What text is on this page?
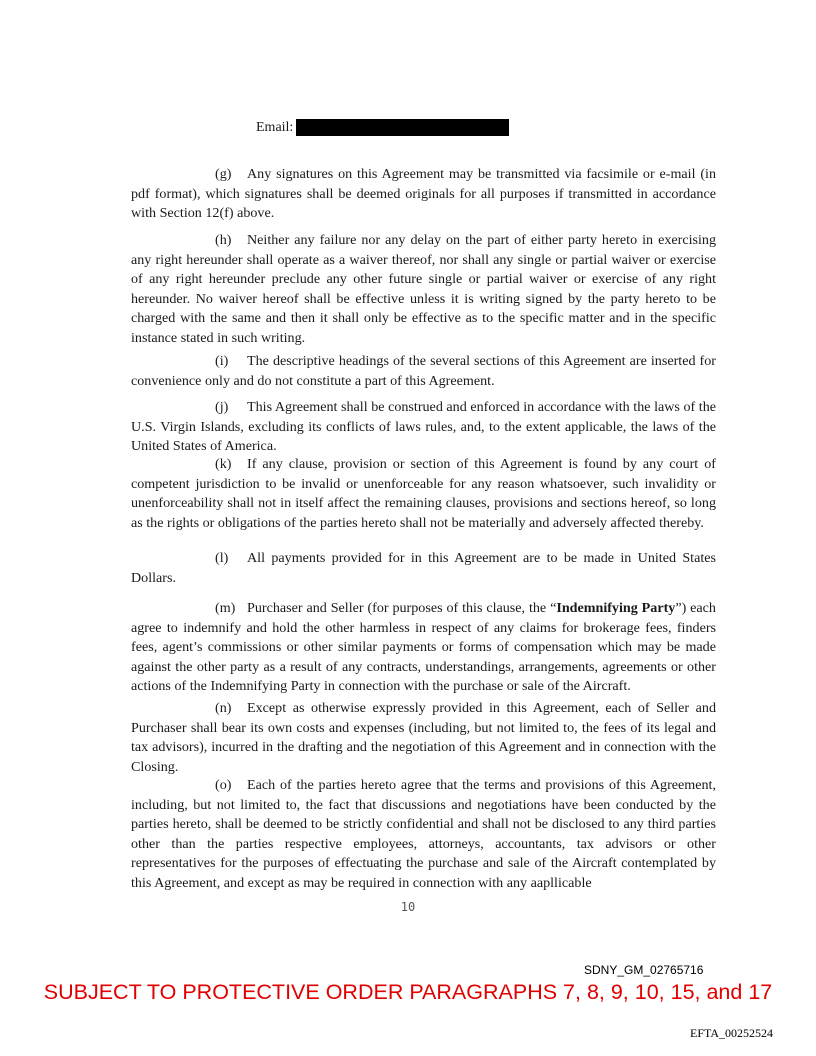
Email:

(g) Any signatures on this Agreement may be transmitted via facsimile or e-mail (in pdf format), which signatures shall be deemed originals for all purposes if transmitted in accordance with Section 12(f) above.

(h) Neither any failure nor any delay on the part of either party hereto in exercising any right hereunder shall operate as a waiver thereof, nor shall any single or partial waiver or exercise of any right hereunder preclude any other future single or partial waiver or exercise of any right hereunder. No waiver hereof shall be effective unless it is writing signed by the party hereto to be charged with the same and then it shall only be effective as to the specific matter and in the specific instance stated in such writing.

(i) The descriptive headings of the several sections of this Agreement are inserted for convenience only and do not constitute a part of this Agreement.

(j) This Agreement shall be construed and enforced in accordance with the laws of the U.S. Virgin Islands, excluding its conflicts of laws rules, and, to the extent applicable, the laws of the United States of America.

(k) If any clause, provision or section of this Agreement is found by any court of competent jurisdiction to be invalid or unenforceable for any reason whatsoever, such invalidity or unenforceability shall not in itself affect the remaining clauses, provisions and sections hereof, so long as the rights or obligations of the parties hereto shall not be materially and adversely affected thereby.

(l) All payments provided for in this Agreement are to be made in United States Dollars.

(m) Purchaser and Seller (for purposes of this clause, the “Indemnifying Party”) each agree to indemnify and hold the other harmless in respect of any claims for brokerage fees, finders fees, agent’s commissions or other similar payments or forms of compensation which may be made against the other party as a result of any contracts, understandings, arrangements, agreements or other actions of the Indemnifying Party in connection with the purchase or sale of the Aircraft.

(n) Except as otherwise expressly provided in this Agreement, each of Seller and Purchaser shall bear its own costs and expenses (including, but not limited to, the fees of its legal and tax advisors), incurred in the drafting and the negotiation of this Agreement and in connection with the Closing.

(o) Each of the parties hereto agree that the terms and provisions of this Agreement, including, but not limited to, the fact that discussions and negotiations have been conducted by the parties hereto, shall be deemed to be strictly confidential and shall not be disclosed to any third parties other than the parties respective employees, attorneys, accountants, tax advisors or other representatives for the purposes of effectuating the purchase and sale of the Aircraft contemplated by this Agreement, and except as may be required in connection with any aapllicable

10
SDNY_GM_02765716
SUBJECT TO PROTECTIVE ORDER PARAGRAPHS 7, 8, 9, 10, 15, and 17
EFTA_00252524
